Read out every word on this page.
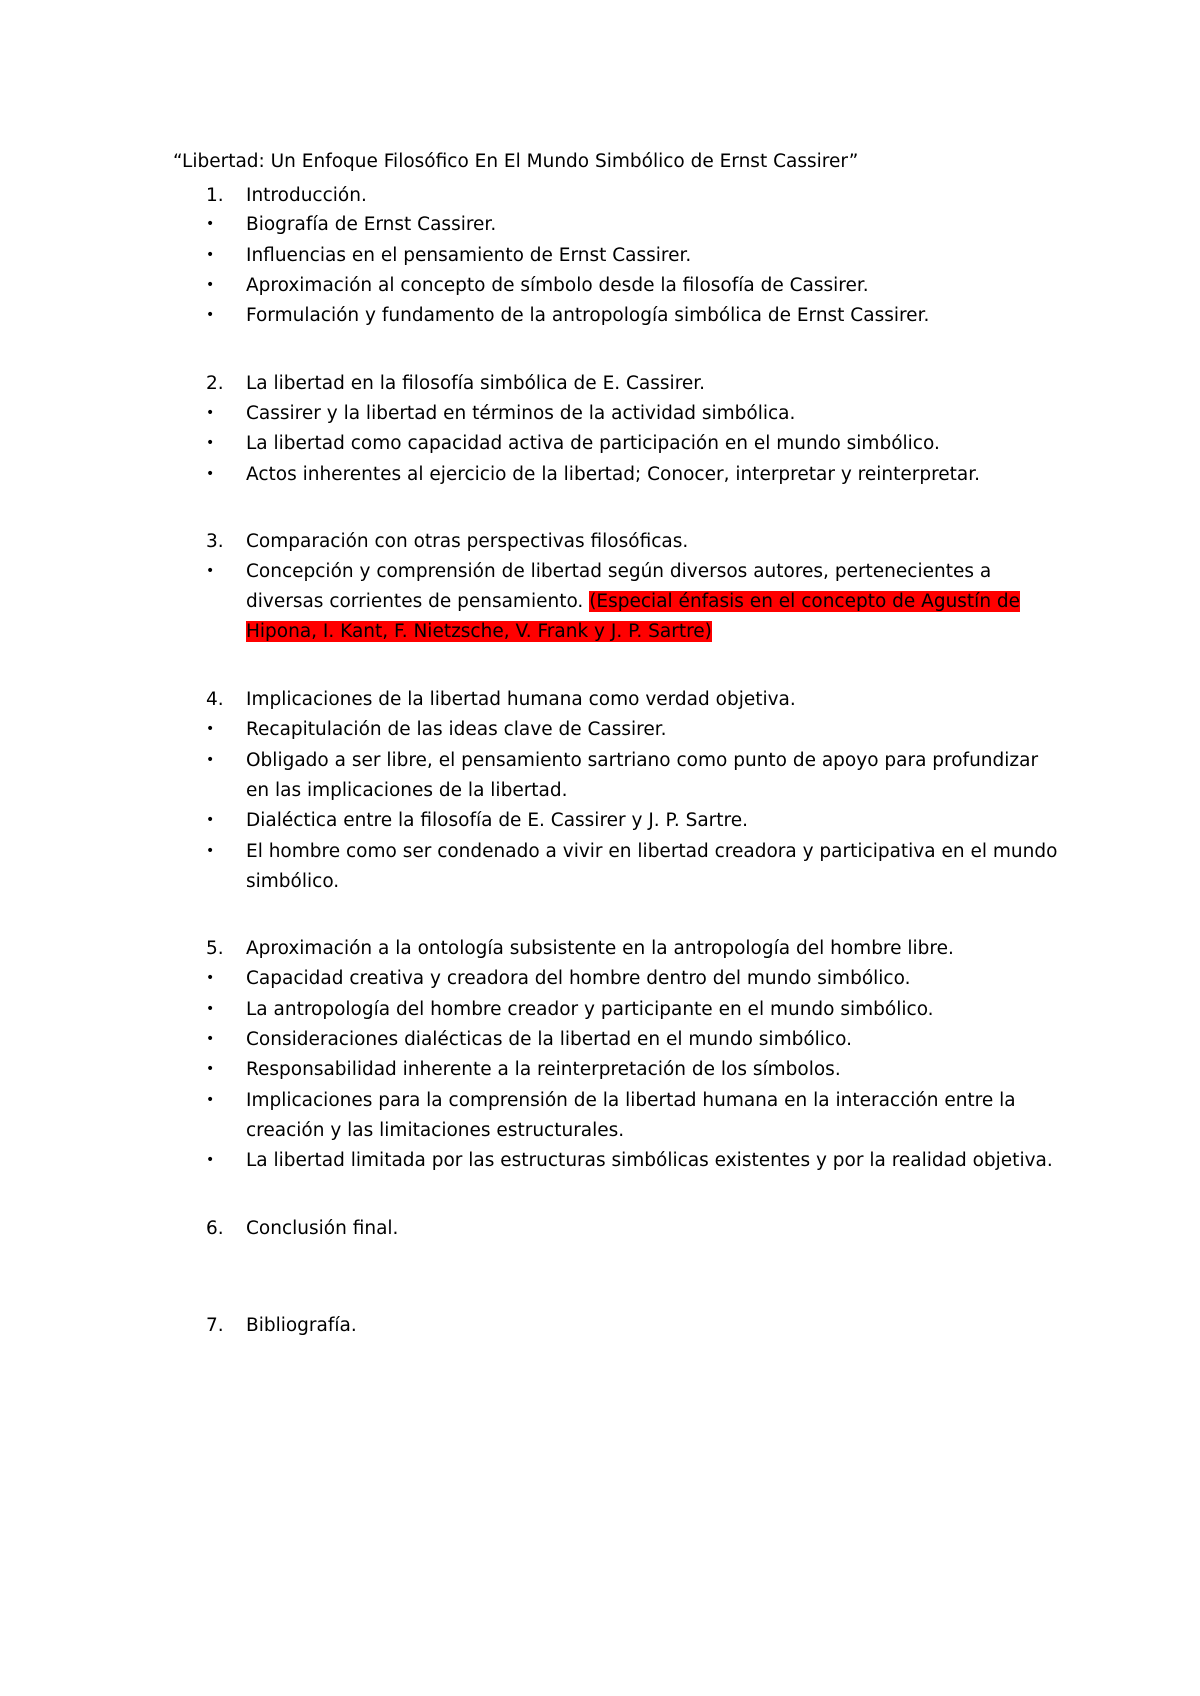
“Libertad: Un Enfoque Filosófico En El Mundo Simbólico de Ernst Cassirer”
1. Introducción.
• Biografía de Ernst Cassirer.
• Influencias en el pensamiento de Ernst Cassirer.
• Aproximación al concepto de símbolo desde la filosofía de Cassirer.
• Formulación y fundamento de la antropología simbólica de Ernst Cassirer.
2. La libertad en la filosofía simbólica de E. Cassirer.
• Cassirer y la libertad en términos de la actividad simbólica.
• La libertad como capacidad activa de participación en el mundo simbólico.
• Actos inherentes al ejercicio de la libertad; Conocer, interpretar y reinterpretar.
3. Comparación con otras perspectivas filosóficas.
• Concepción y comprensión de libertad según diversos autores, pertenecientes a
diversas corrientes de pensamiento. (Especial énfasis en el concepto de Agustín de
Hipona, I. Kant, F. Nietzsche, V. Frank y J. P. Sartre)
4. Implicaciones de la libertad humana como verdad objetiva.
• Recapitulación de las ideas clave de Cassirer.
• Obligado a ser libre, el pensamiento sartriano como punto de apoyo para profundizar
en las implicaciones de la libertad.
• Dialéctica entre la filosofía de E. Cassirer y J. P. Sartre.
• El hombre como ser condenado a vivir en libertad creadora y participativa en el mundo
simbólico.
5. Aproximación a la ontología subsistente en la antropología del hombre libre.
• Capacidad creativa y creadora del hombre dentro del mundo simbólico.
• La antropología del hombre creador y participante en el mundo simbólico.
• Consideraciones dialécticas de la libertad en el mundo simbólico.
• Responsabilidad inherente a la reinterpretación de los símbolos.
• Implicaciones para la comprensión de la libertad humana en la interacción entre la
creación y las limitaciones estructurales.
• La libertad limitada por las estructuras simbólicas existentes y por la realidad objetiva.
6. Conclusión final.
7. Bibliografía.
